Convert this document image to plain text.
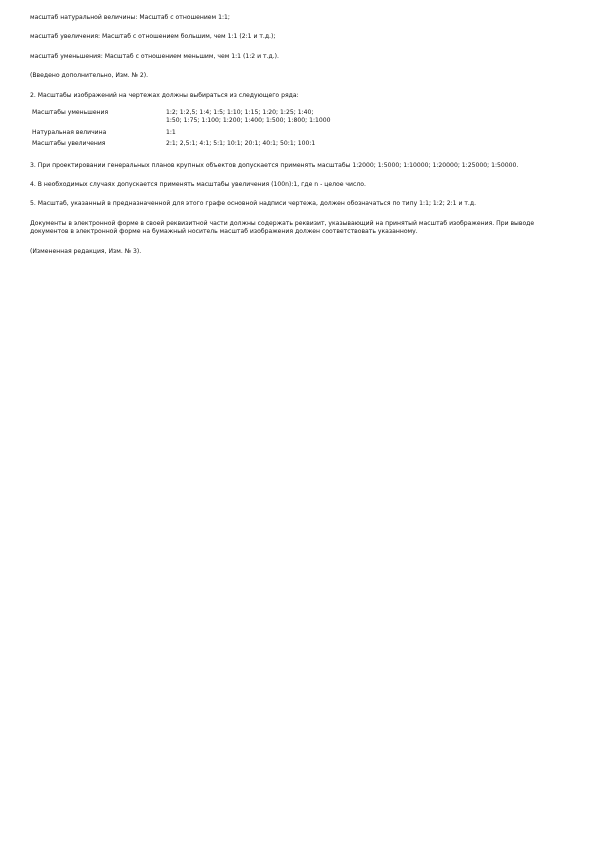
масштаб натуральной величины: Масштаб с отношением 1:1;

масштаб увеличения: Масштаб с отношением большим, чем 1:1 (2:1 и т.д.);

масштаб уменьшения: Масштаб с отношением меньшим, чем 1:1 (1:2 и т.д.).

(Введено дополнительно, Изм. № 2).

2. Масштабы изображений на чертежах должны выбираться из следующего ряда:

Масштабы уменьшения	1:2; 1:2,5; 1:4; 1:5; 1:10; 1:15; 1:20; 1:25; 1:40;
1:50; 1:75; 1:100; 1:200; 1:400; 1:500; 1:800; 1:1000

Натуральная величина	1:1

Масштабы увеличения	2:1; 2,5:1; 4:1; 5:1; 10:1; 20:1; 40:1; 50:1; 100:1

3. При проектировании генеральных планов крупных объектов допускается применять масштабы 1:2000; 1:5000; 1:10000; 1:20000; 1:25000; 1:50000.

4. В необходимых случаях допускается применять масштабы увеличения (100n):1, где n - целое число.

5. Масштаб, указанный в предназначенной для этого графе основной надписи чертежа, должен обозначаться по типу 1:1; 1:2; 2:1 и т.д.

Документы в электронной форме в своей реквизитной части должны содержать реквизит, указывающий на принятый масштаб изображения. При выводе документов в электронной форме на бумажный носитель масштаб изображения должен соответствовать указанному.

(Измененная редакция, Изм. № 3).
